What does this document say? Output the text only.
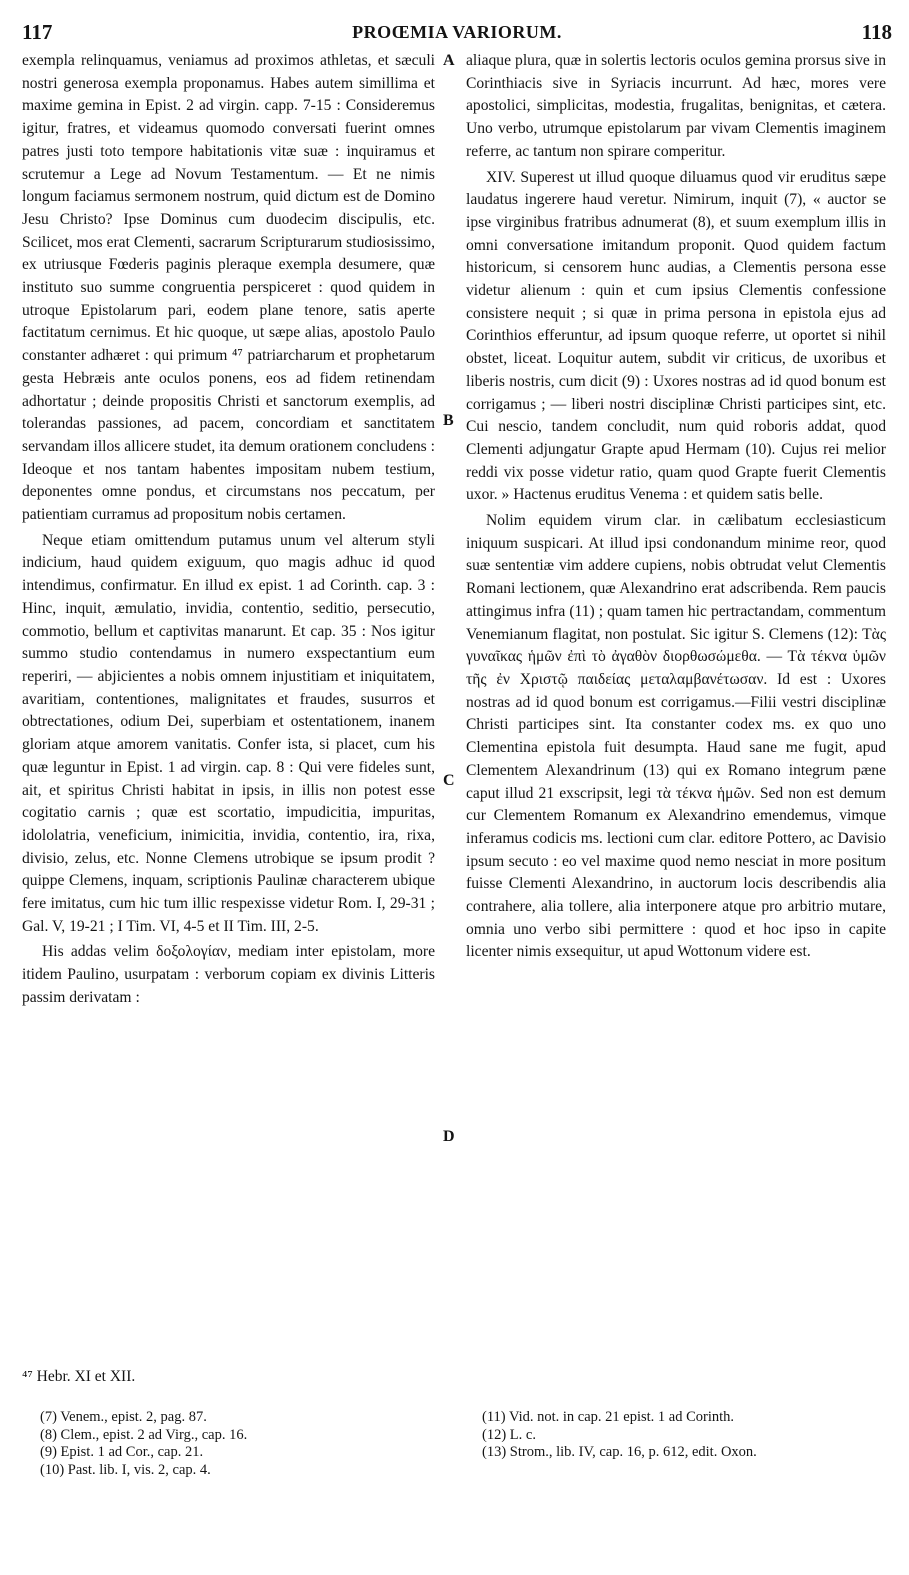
117	PROŒMIA VARIORUM.	118

exempla relinquamus, veniamus ad proximos athletas, et sæculi nostri generosa exempla proponamus. Habes autem simillima et maxime gemina in Epist. 2 ad virgin. capp. 7-15 : Consideremus igitur, fratres, et videamus quomodo conversati fuerint omnes patres justi toto tempore habitationis vitæ suæ : inquiramus et scrutemur a Lege ad Novum Testamentum. — Et ne nimis longum faciamus sermonem nostrum, quid dictum est de Domino Jesu Christo? Ipse Dominus cum duodecim discipulis, etc. Scilicet, mos erat Clementi, sacrarum Scripturarum studiosissimo, ex utriusque Fœderis paginis pleraque exempla desumere, quæ instituto suo summe congruentia perspiceret : quod quidem in utroque Epistolarum pari, eodem plane tenore, satis aperte factitatum cernimus. Et hic quoque, ut sæpe alias, apostolo Paulo constanter adhæret : qui primum ⁴⁷ patriarcharum et prophetarum gesta Hebræis ante oculos ponens, eos ad fidem retinendam adhortatur ; deinde propositis Christi et sanctorum exemplis, ad tolerandas passiones, ad pacem, concordiam et sanctitatem servandam illos allicere studet, ita demum orationem concludens : Ideoque et nos tantam habentes impositam nubem testium, deponentes omne pondus, et circumstans nos peccatum, per patientiam curramus ad propositum nobis certamen.

Neque etiam omittendum putamus unum vel alterum styli indicium, haud quidem exiguum, quo magis adhuc id quod intendimus, confirmatur. En illud ex epist. 1 ad Corinth. cap. 3 : Hinc, inquit, æmulatio, invidia, contentio, seditio, persecutio, commotio, bellum et captivitas manarunt. Et cap. 35 : Nos igitur summo studio contendamus in numero exspectantium eum reperiri, — abjicientes a nobis omnem injustitiam et iniquitatem, avaritiam, contentiones, malignitates et fraudes, susurros et obtrectationes, odium Dei, superbiam et ostentationem, inanem gloriam atque amorem vanitatis. Confer ista, si placet, cum his quæ leguntur in Epist. 1 ad virgin. cap. 8 : Qui vere fideles sunt, ait, et spiritus Christi habitat in ipsis, in illis non potest esse cogitatio carnis ; quæ est scortatio, impudicitia, impuritas, idololatria, veneficium, inimicitia, invidia, contentio, ira, rixa, divisio, zelus, etc. Nonne Clemens utrobique se ipsum prodit ? quippe Clemens, inquam, scriptionis Paulinæ characterem ubique fere imitatus, cum hic tum illic respexisse videtur Rom. I, 29-31 ; Gal. V, 19-21 ; I Tim. VI, 4-5 et II Tim. III, 2-5.

His addas velim δοξολογίαν, mediam inter epistolam, more itidem Paulino, usurpatam : verborum copiam ex divinis Litteris passim derivatam :

A
B
C
D

aliaque plura, quæ in solertis lectoris oculos gemina prorsus sive in Corinthiacis sive in Syriacis incurrunt. Ad hæc, mores vere apostolici, simplicitas, modestia, frugalitas, benignitas, et cætera. Uno verbo, utrumque epistolarum par vivam Clementis imaginem referre, ac tantum non spirare comperitur.

XIV. Superest ut illud quoque diluamus quod vir eruditus sæpe laudatus ingerere haud veretur. Nimirum, inquit (7), « auctor se ipse virginibus fratribus adnumerat (8), et suum exemplum illis in omni conversatione imitandum proponit. Quod quidem factum historicum, si censorem hunc audias, a Clementis persona esse videtur alienum : quin et cum ipsius Clementis confessione consistere nequit ; si quæ in prima persona in epistola ejus ad Corinthios efferuntur, ad ipsum quoque referre, ut oportet si nihil obstet, liceat. Loquitur autem, subdit vir criticus, de uxoribus et liberis nostris, cum dicit (9) : Uxores nostras ad id quod bonum est corrigamus ; — liberi nostri disciplinæ Christi participes sint, etc. Cui nescio, tandem concludit, num quid roboris addat, quod Clementi adjungatur Grapte apud Hermam (10). Cujus rei melior reddi vix posse videtur ratio, quam quod Grapte fuerit Clementis uxor. » Hactenus eruditus Venema : et quidem satis belle.

Nolim equidem virum clar. in cælibatum ecclesiasticum iniquum suspicari. At illud ipsi condonandum minime reor, quod suæ sententiæ vim addere cupiens, nobis obtrudat velut Clementis Romani lectionem, quæ Alexandrino erat adscribenda. Rem paucis attingimus infra (11) ; quam tamen hic pertractandam, commentum Venemianum flagitat, non postulat. Sic igitur S. Clemens (12): Τὰς γυναῖκας ἡμῶν ἐπὶ τὸ ἀγαθὸν διορθωσώμεθα. — Τὰ τέκνα ὑμῶν τῆς ἐν Χριστῷ παιδείας μεταλαμβανέτωσαν. Id est : Uxores nostras ad id quod bonum est corrigamus.—Filii vestri disciplinæ Christi participes sint. Ita constanter codex ms. ex quo uno Clementina epistola fuit desumpta. Haud sane me fugit, apud Clementem Alexandrinum (13) qui ex Romano integrum pæne caput illud 21 exscripsit, legi τὰ τέκνα ἡμῶν. Sed non est demum cur Clementem Romanum ex Alexandrino emendemus, vimque inferamus codicis ms. lectioni cum clar. editore Pottero, ac Davisio ipsum secuto : eo vel maxime quod nemo nesciat in more positum fuisse Clementi Alexandrino, in auctorum locis describendis alia contrahere, alia tollere, alia interponere atque pro arbitrio mutare, omnia uno verbo sibi permittere : quod et hoc ipso in capite licenter nimis exsequitur, ut apud Wottonum videre est.

⁴⁷ Hebr. XI et XII.
(7) Venem., epist. 2, pag. 87.
(8) Clem., epist. 2 ad Virg., cap. 16.
(9) Epist. 1 ad Cor., cap. 21.
(10) Past. lib. I, vis. 2, cap. 4.
(11) Vid. not. in cap. 21 epist. 1 ad Corinth.
(12) L. c.
(13) Strom., lib. IV, cap. 16, p. 612, edit. Oxon.
